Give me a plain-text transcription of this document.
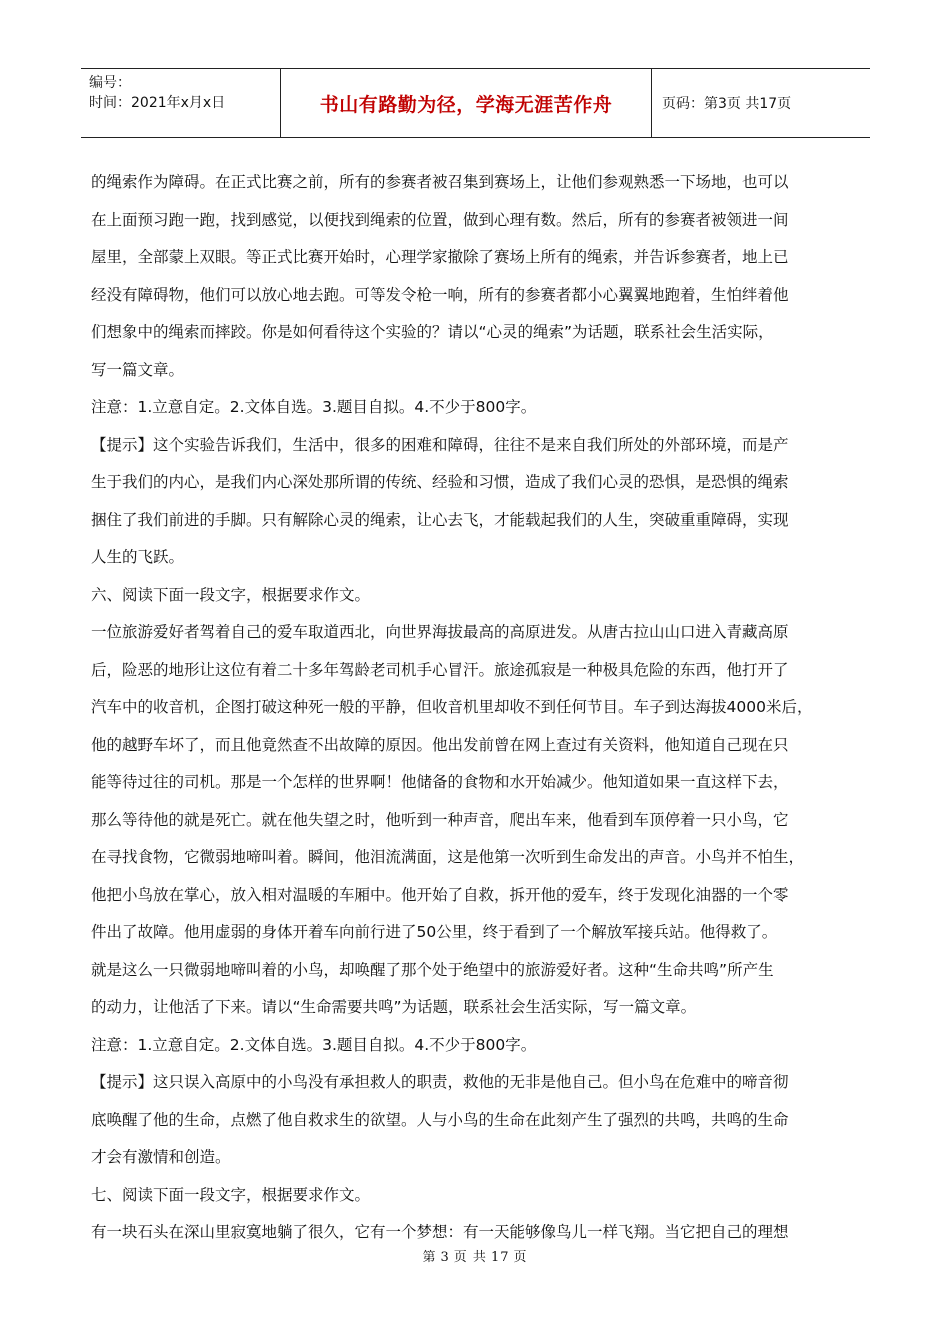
编号：
时间：2021年x月x日	书山有路勤为径，学海无涯苦作舟	页码：第3页 共17页
的绳索作为障碍。在正式比赛之前，所有的参赛者被召集到赛场上，让他们参观熟悉一下场地，也可以
在上面预习跑一跑，找到感觉，以便找到绳索的位置，做到心理有数。然后，所有的参赛者被领进一间
屋里，全部蒙上双眼。等正式比赛开始时，心理学家撤除了赛场上所有的绳索，并告诉参赛者，地上已
经没有障碍物，他们可以放心地去跑。可等发令枪一响，所有的参赛者都小心翼翼地跑着，生怕绊着他
们想象中的绳索而摔跤。你是如何看待这个实验的？请以“心灵的绳索”为话题，联系社会生活实际，
写一篇文章。
注意：1.立意自定。2.文体自选。3.题目自拟。4.不少于800字。
【提示】这个实验告诉我们，生活中，很多的困难和障碍，往往不是来自我们所处的外部环境，而是产
生于我们的内心，是我们内心深处那所谓的传统、经验和习惯，造成了我们心灵的恐惧，是恐惧的绳索
捆住了我们前进的手脚。只有解除心灵的绳索，让心去飞，才能载起我们的人生，突破重重障碍，实现
人生的飞跃。
六、阅读下面一段文字，根据要求作文。
一位旅游爱好者驾着自己的爱车取道西北，向世界海拔最高的高原进发。从唐古拉山山口进入青藏高原
后，险恶的地形让这位有着二十多年驾龄老司机手心冒汗。旅途孤寂是一种极具危险的东西，他打开了
汽车中的收音机，企图打破这种死一般的平静，但收音机里却收不到任何节目。车子到达海拔4000米后，
他的越野车坏了，而且他竟然查不出故障的原因。他出发前曾在网上查过有关资料，他知道自己现在只
能等待过往的司机。那是一个怎样的世界啊！他储备的食物和水开始减少。他知道如果一直这样下去，
那么等待他的就是死亡。就在他失望之时，他听到一种声音，爬出车来，他看到车顶停着一只小鸟，它
在寻找食物，它微弱地啼叫着。瞬间，他泪流满面，这是他第一次听到生命发出的声音。小鸟并不怕生，
他把小鸟放在掌心，放入相对温暖的车厢中。他开始了自救，拆开他的爱车，终于发现化油器的一个零
件出了故障。他用虚弱的身体开着车向前行进了50公里，终于看到了一个解放军接兵站。他得救了。
就是这么一只微弱地啼叫着的小鸟，却唤醒了那个处于绝望中的旅游爱好者。这种“生命共鸣”所产生
的动力，让他活了下来。请以“生命需要共鸣”为话题，联系社会生活实际，写一篇文章。
注意：1.立意自定。2.文体自选。3.题目自拟。4.不少于800字。
【提示】这只误入高原中的小鸟没有承担救人的职责，救他的无非是他自己。但小鸟在危难中的啼音彻
底唤醒了他的生命，点燃了他自救求生的欲望。人与小鸟的生命在此刻产生了强烈的共鸣，共鸣的生命
才会有激情和创造。
七、阅读下面一段文字，根据要求作文。
有一块石头在深山里寂寞地躺了很久，它有一个梦想：有一天能够像鸟儿一样飞翔。当它把自己的理想
第 3 页 共 17 页
